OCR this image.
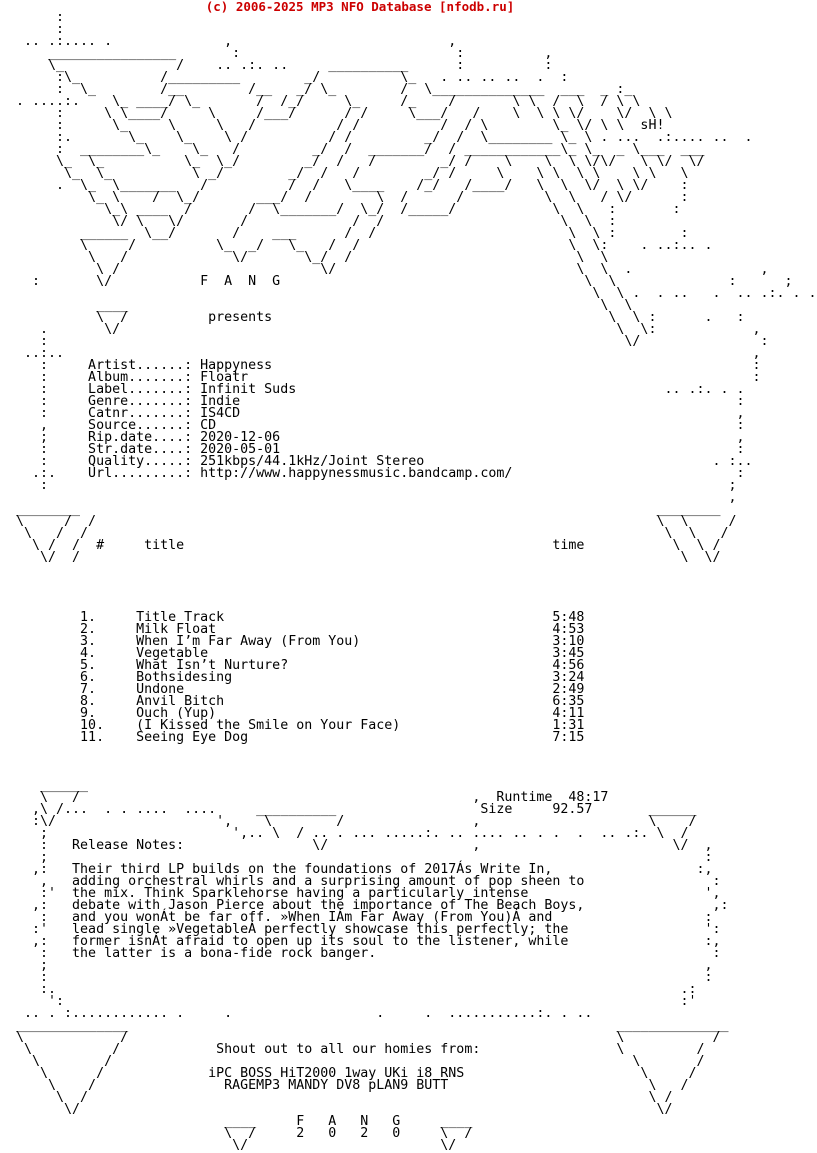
(c) 2006-2025 MP3 NFO Database [nfodb.ru]
:
:
.. .:.... .              ,                           ,
________________       :                           :          ,
\_              /    .. .:. ..     __________      :          :
:\_          /_________        _/          \_   . .. .. ..  .  :
:  \_        /__        /__   _/ \_        /  \______________  ___  _ :_
. ....:.    \_ ____/ \_       /  /_/     \_     /_    /       \ \  /  \  / \ \
:     \ \____/     \     /___/      / /     \___/   /    \  \ \ \/    \/  \ \
:      \_     \     \   /          / /          /  / \        \_ \/ \ \  sH!
:.       \_    \_    \ /          / /         _/  /  \________ \_ \ . ...  .:.... ..  .
:  ________\_    \_   /         _/  /  _______/  / ____________\_ \_  _ \___  ___
\_  \_          \_  \_/        _/  /   /        _/ /    \    \  \ \/\/   \ \/  \/
\_  \_          \ _/        _/  /   /        _/ /     \    \ \  \ \    \ \   \
.  \_  \_______   /          /  /   \____    /_/   /____/   \  \  \/  \ \/    :
\_ \    /  \_/       ___/  /        \  /      /          \  \   / \/      :
\_\ ____  /       /  \_______/  \_/  /_____/            \  \   :       :
\/ \   \/       /             /  /                      \  \  :
______  \__/       /    ___      /  /                        \  \ :        :
\     /          \_  _/   \_   /  /                          \  \:    . ..:.. .
\   /             \/       \_/  /                            \  \
\ /                         \/                              \  \  .                ,
:       \/           F  A  N  G                                      \  \              :      ;
\  \ .  . ..   .  .. .:. . .
____                                                           \  \
\  /          presents                                          \  \ :      .   :
.       \/                                                              \  \:            ,
:                                                                        \/               :
..:..                                                                                      ,
:     Artist......: Happyness                                                            :
:     Album.......: Floatr                                                               :
:     Label.......: Infinit Suds                                              .. .:. . .
:     Genre.......: Indie                                                              :
:     Catnr.......: IS4CD                                                              ,
,     Source......: CD                                                                 :
;     Rip.date....: 2020-12-06                                                         ,
:     Str.date....: 2020-05-01                                                         :
:     Quality.....: 251kbps/44.1kHz/Joint Stereo                                    . :..
.:.    Url.........: http://www.happynessmusic.bandcamp.com/                            :
:                                                                                     ;
,
________                                                                        ________
\     /  /                                                                      \  \     /
\   /  /                                                                        \  \   /
\ /  /  #     title                                              time           \  \ /
\/  /                                                                           \  \/
1.     Title Track                                         5:48
2.     Milk Float                                          4:53
3.     When I’m Far Away (From You)                        3:10
4.     Vegetable                                           3:45
5.     What Isn’t Nurture?                                 4:56
6.     Bothsidesing                                        3:24
7.     Undone                                              2:49
8.     Anvil Bitch                                         6:35
9.     Ouch (Yup)                                          4:11
10.    (I Kissed the Smile on Your Face)                   1:31
11.    Seeing Eye Dog                                      7:15
______
\   /                                                 ,  Runtime  48:17
,\ /...  . . ....  ....     __________                  Size     92.57       ______
:\/                    ',    \        /                ,                     \    /
;                       ',.. \  / .. . ... .....:. .. .... .. . .  .  .. .:. \  /
:   Release Notes:                \/                  ,                        \/  ,
;                                                                                  :
,:   Their third LP builds on the foundations of 2017Ás Write In,                  :,
,   adding orchestral whirls and a surprising amount of pop sheen to                :
:'  the mix. Think Sparklehorse having a particularly intense                      ',
,:   debate with Jason Pierce about the importance of The Beach Boys,                ,:
:   and you wonÁt be far off. »When IÁm Far Away (From You)Á and                   :
:'   lead single »VegetableÁ perfectly showcase this perfectly; the                 ':
,:   former isnÁt afraid to open up its soul to the listener, while                 :,
:   the latter is a bona-fide rock banger.                                          :
;                                                                                  ,
:                                                                                  :
:.                                                                              .:
':                                                                             :'
.. . :............ .     .                  .     .  ...........:. . ..
______________                                                             ______________
\            /                                                             \           /
\          /            Shout out to all our homies from:                 \         /
\        /                                                                 \       /
\      /             iPC BOSS HiT2000 1way UKi i8 RNS                      \     /
\    /                RAGEMP3 MANDY DV8 pLAN9 BUTT                         \   /
\  /                                                                      \ /
\/                                                                        \/
____     F   A   N   G     ____
\  /     2   0   2   0     \  /
\/                        \/
